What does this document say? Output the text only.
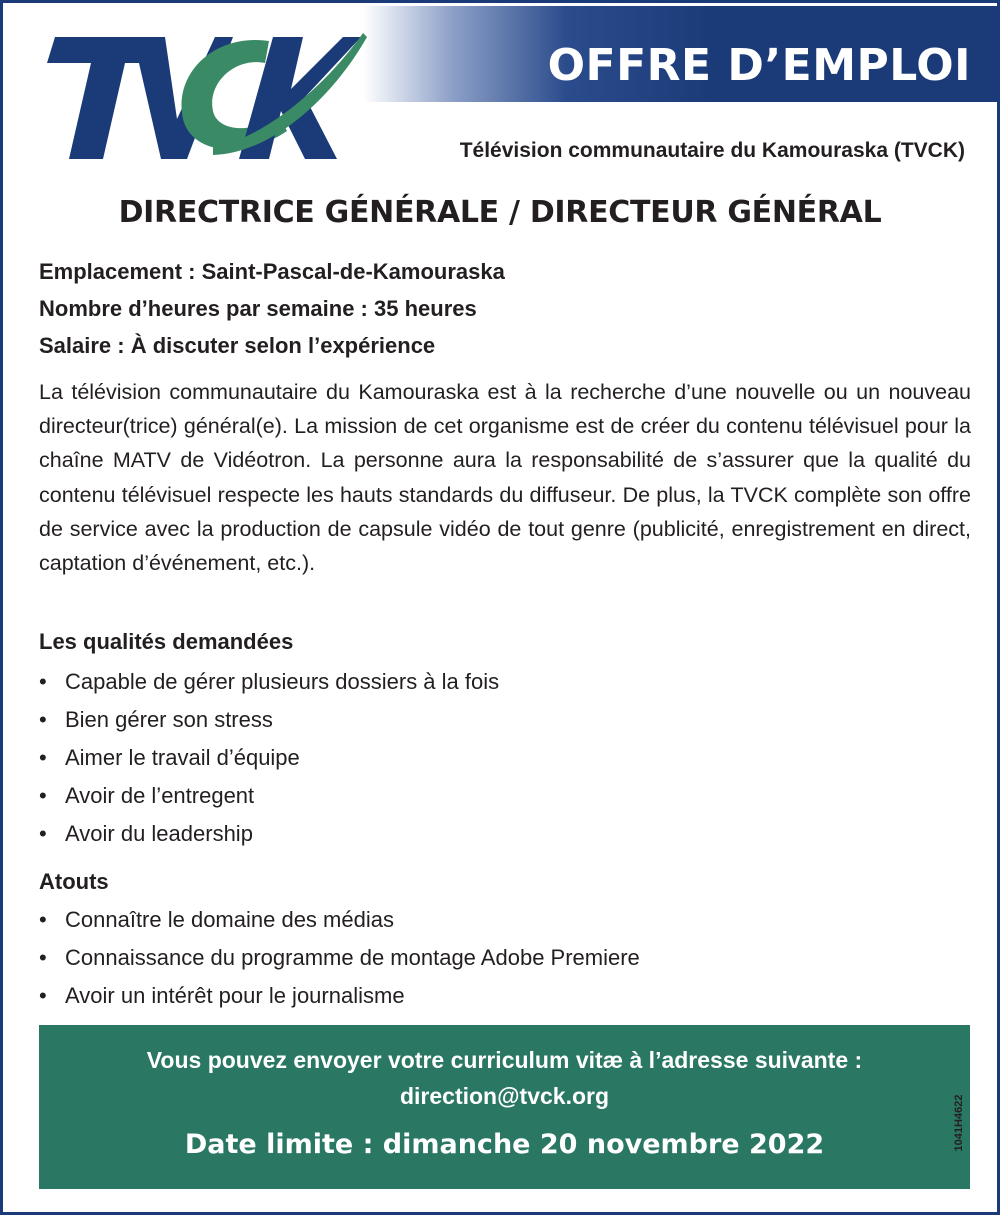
OFFRE D’EMPLOI

Télévision communautaire du Kamouraska (TVCK)

DIRECTRICE GÉNÉRALE / DIRECTEUR GÉNÉRAL
Emplacement : Saint-Pascal-de-Kamouraska
Nombre d’heures par semaine : 35 heures
Salaire : À discuter selon l’expérience

La télévision communautaire du Kamouraska est à la recherche d’une nouvelle ou un nouveau directeur(trice) général(e). La mission de cet organisme est de créer du contenu télévisuel pour la chaîne MATV de Vidéotron. La personne aura la responsabilité de s’assurer que la qualité du contenu télévisuel respecte les hauts standards du diffuseur. De plus, la TVCK complète son offre de service avec la production de capsule vidéo de tout genre (publicité, enregistrement en direct, captation d’événement, etc.).

Les qualités demandées
• Capable de gérer plusieurs dossiers à la fois
• Bien gérer son stress
• Aimer le travail d’équipe
• Avoir de l’entregent
• Avoir du leadership
Atouts
• Connaître le domaine des médias
• Connaissance du programme de montage Adobe Premiere
• Avoir un intérêt pour le journalisme
Vous pouvez envoyer votre curriculum vitæ à l’adresse suivante :
direction@tvck.org
Date limite : dimanche 20 novembre 2022	1041H4622
